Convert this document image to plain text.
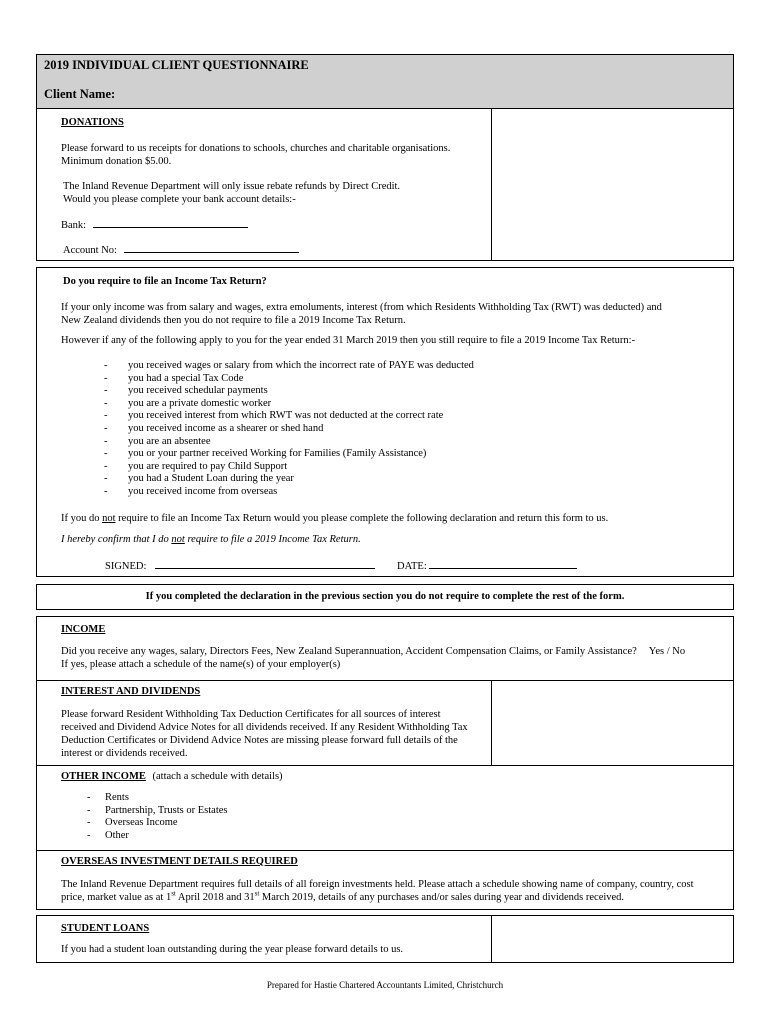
2019 INDIVIDUAL CLIENT QUESTIONNAIRE
Client Name:
DONATIONS
Please forward to us receipts for donations to schools, churches and charitable organisations.
Minimum donation $5.00.
The Inland Revenue Department will only issue rebate refunds by Direct Credit.
Would you please complete your bank account details:-
Bank:
Account No:
Do you require to file an Income Tax Return?
If your only income was from salary and wages, extra emoluments, interest (from which Residents Withholding Tax (RWT) was deducted) and
New Zealand dividends then you do not require to file a 2019 Income Tax Return.
However if any of the following apply to you for the year ended 31 March 2019 then you still require to file a 2019 Income Tax Return:-
- you received wages or salary from which the incorrect rate of PAYE was deducted
- you had a special Tax Code
- you received schedular payments
- you are a private domestic worker
- you received interest from which RWT was not deducted at the correct rate
- you received income as a shearer or shed hand
- you are an absentee
- you or your partner received Working for Families (Family Assistance)
- you are required to pay Child Support
- you had a Student Loan during the year
- you received income from overseas
If you do not require to file an Income Tax Return would you please complete the following declaration and return this form to us.
I hereby confirm that I do not require to file a 2019 Income Tax Return.
SIGNED:	DATE:
If you completed the declaration in the previous section you do not require to complete the rest of the form.
INCOME
Did you receive any wages, salary, Directors Fees, New Zealand Superannuation, Accident Compensation Claims, or Family Assistance? Yes / No
If yes, please attach a schedule of the name(s) of your employer(s)
INTEREST AND DIVIDENDS
Please forward Resident Withholding Tax Deduction Certificates for all sources of interest
received and Dividend Advice Notes for all dividends received. If any Resident Withholding Tax
Deduction Certificates or Dividend Advice Notes are missing please forward full details of the
interest or dividends received.
OTHER INCOME (attach a schedule with details)
- Rents
- Partnership, Trusts or Estates
- Overseas Income
- Other
OVERSEAS INVESTMENT DETAILS REQUIRED
The Inland Revenue Department requires full details of all foreign investments held. Please attach a schedule showing name of company, country, cost
price, market value as at 1st April 2018 and 31st March 2019, details of any purchases and/or sales during year and dividends received.
STUDENT LOANS
If you had a student loan outstanding during the year please forward details to us.
Prepared for Hastie Chartered Accountants Limited, Christchurch
